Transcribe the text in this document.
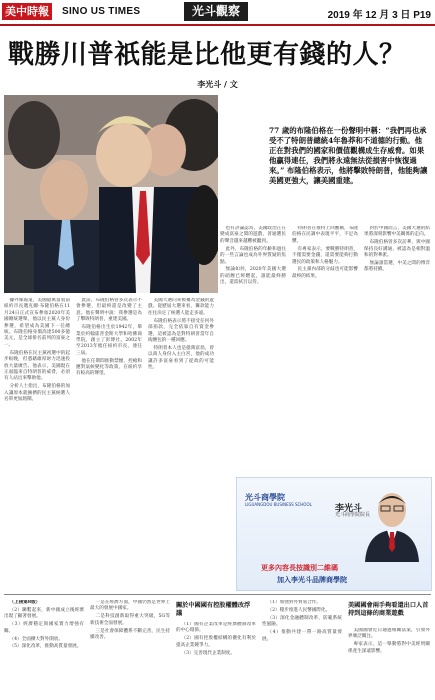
美中時報	SINO US TIMES	光斗觀察	2019 年 12 月 3 日 P19
戰勝川普祇能是比他更有錢的人？
李光斗 / 文
77 歲的布隆伯格在一份聲明中稱：“我們再也承受不了特朗普總統4年魯莽和不道德的行動。他正在對我們的國家和價值觀構成生存威脅。如果他贏得連任，我們將永遠無法從損害中恢復過來。” 布隆伯格表示，他將擊敗特朗普，他能夠讓美國更強大，讓美國重建。

據外媒報道，美國億萬富翁前紐約市長邁克爾·布隆伯格在11月24日正式宣布參加2020年美國總統選舉，他以民主黨人身份參選，希望成為美國下一任總統。布隆伯格身價高達500多億美元，是全球排名前列的富豪之一。

布隆伯格在民主黨初選中的起步較晚，但憑藉雄厚財力迅速投放大量廣告。他表示，美國現在正面臨來自特朗普的威脅，必須有人站出來擊敗他。

分析人士指出，布隆伯格的加入讓原本就擁擠的民主黨候選人名單更加熱鬧。

此前，布隆伯格曾多次表示不會參選，但最終還是改變了主意。他在聲明中說：我參選是為了擊敗特朗普，重建美國。

布隆伯格出生於1942年，畢業於約翰霍普金斯大學和哈佛商學院，創立了彭博社。2002年至2013年擔任紐約市長，連任三屆。

他在任期間推動禁煙、控槍和應對氣候變化等政策，在紐約享有較高的聲望。

美國大選向來被稱為金錢的遊戲。從歷屆大選來看，籌款能力往往決定了候選人能走多遠。

布隆伯格表示將不接受任何外部捐款，完全依靠自有資金參選，這被認為是對特朗普當年自掏腰包的一種回應。

特朗普本人也是億萬富翁，曾以商人身份入主白宮，他的成功讓許多富豪看到了從政的可能性。

也有評論認為，美國政治正在變成富豪之間的遊戲，普通選民的聲音越來越難被聽到。

此外，布隆伯格的年齡和過往的一些言論也成為外界質疑的焦點。

無論如何，2020年美國大選的硝煙已經燃起，誰能最終勝出，還需拭目以待。

特朗普在推特上回應稱，布隆伯格在民調中表現平平，不足為懼。

有專家表示，要戰勝特朗普，不僅需要金錢，還需要能夠打動選民的政策和人格魅力。

民主黨內部的分歧也可能影響最終的結果。

對於中國而言，美國大選的結果將深刻影響中美關係的走向。

布隆伯格曾多次訪華，與中國保持良好溝通，被認為是相對溫和的對華派。

無論誰當選，中美之間的博弈都將持續。

光斗商學院
LIGUANGDOU BUSINESS SCHOOL	李光斗
光斗商學院院長
更多內容長按識別二維碼
加入李光斗品牌商學院

（上接第8版）

（2）聯繫起來，新中國成立後經濟出現了顯著發展。

（3）經濟穩定與國家實力增強有關。

（4）全面擴大對外開放。

（5）深化改革，推動高質量發展。

一是在經濟方面，中國仍然是世界上最大的發展中國家。

二是科技創新取得重大突破，5G等新技術全面發展。

三是社會保障體系不斷完善，民生持續改善。

關於中國國有控股權體改浮議

（1）國有企業改革是經濟體制改革的中心環節。

（2）國有控股權結構的優化有利於提高企業競爭力。

（3）完善現代企業制度。

（1）加強對外貿易合作。

（2）穩步推進人民幣國際化。

（3）深化金融體制改革，防範系統性風險。

（4）推動共建一帶一路高質量發展。

美國國會兩手夠看還出口人首持到這條的商業遊戲

美國國會近日通過相關法案，引發外界廣泛關注。

專家表示，這一舉動將對中美經貿關係產生深遠影響。
